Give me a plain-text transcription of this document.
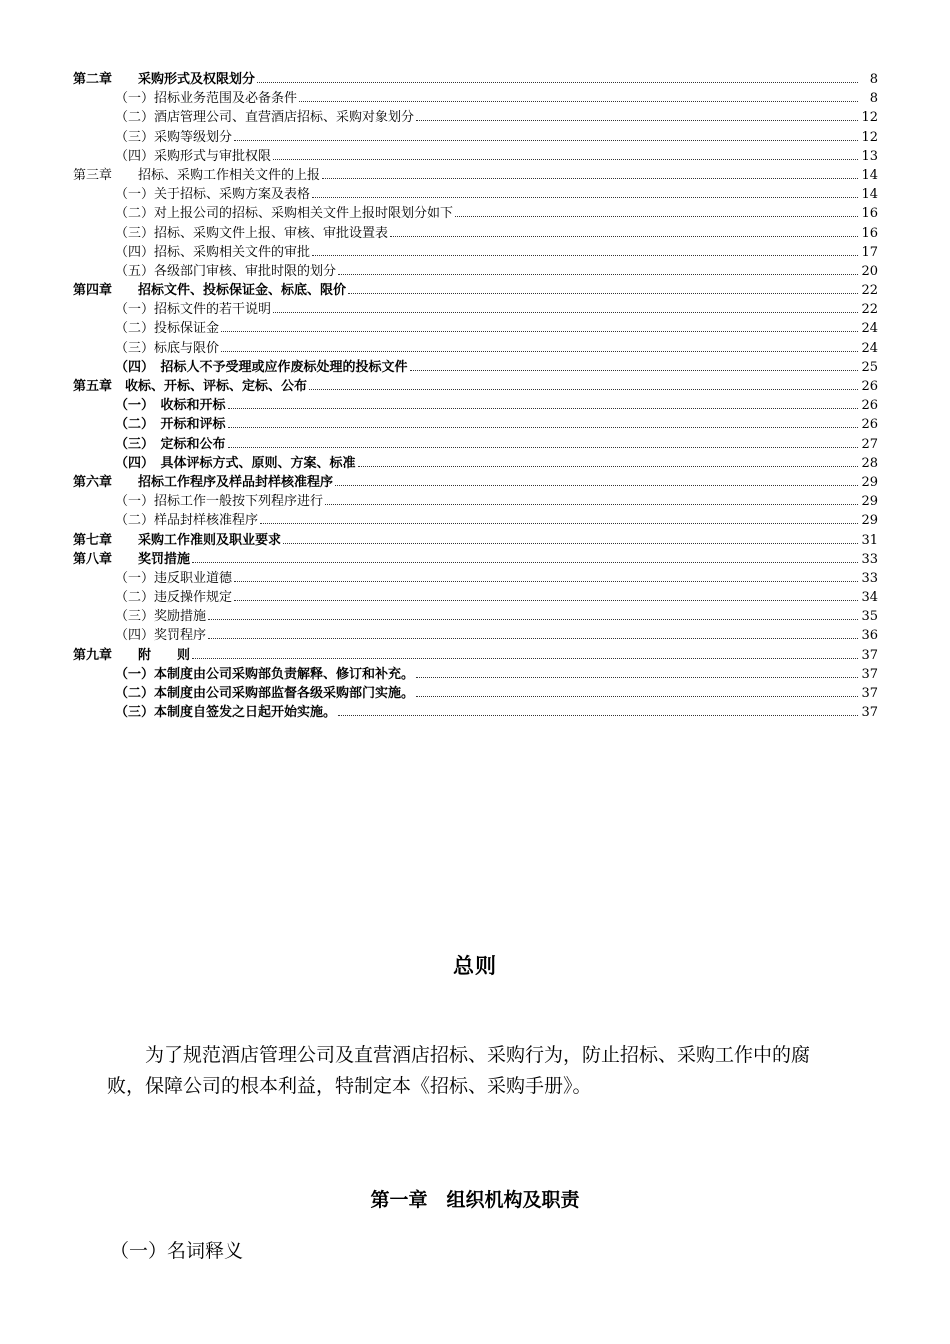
第二章　　采购形式及权限划分	8
（一）招标业务范围及必备条件	8
（二）酒店管理公司、直营酒店招标、采购对象划分	12
（三）采购等级划分	12
（四）采购形式与审批权限	13
第三章　　招标、采购工作相关文件的上报	14
（一）关于招标、采购方案及表格	14
（二）对上报公司的招标、采购相关文件上报时限划分如下	16
（三）招标、采购文件上报、审核、审批设置表	16
（四）招标、采购相关文件的审批	17
（五）各级部门审核、审批时限的划分	20
第四章　　招标文件、投标保证金、标底、限价	22
（一）招标文件的若干说明	22
（二）投标保证金	24
（三）标底与限价	24
（四）　招标人不予受理或应作废标处理的投标文件	25
第五章　收标、开标、评标、定标、公布	26
（一）　收标和开标	26
（二）　开标和评标	26
（三）　定标和公布	27
（四）　具体评标方式、原则、方案、标准	28
第六章　　招标工作程序及样品封样核准程序	29
（一）招标工作一般按下列程序进行	29
（二）样品封样核准程序	29
第七章　　采购工作准则及职业要求	31
第八章　　奖罚措施	33
（一）违反职业道德	33
（二）违反操作规定	34
（三）奖励措施	35
（四）奖罚程序	36
第九章　　附　　则	37
（一）本制度由公司采购部负责解释、修订和补充。	37
（二）本制度由公司采购部监督各级采购部门实施。	37
（三）本制度自签发之日起开始实施。	37
总则
为了规范酒店管理公司及直营酒店招标、采购行为，防止招标、采购工作中的腐败，保障公司的根本利益，特制定本《招标、采购手册》。
第一章　组织机构及职责
（一）名词释义
